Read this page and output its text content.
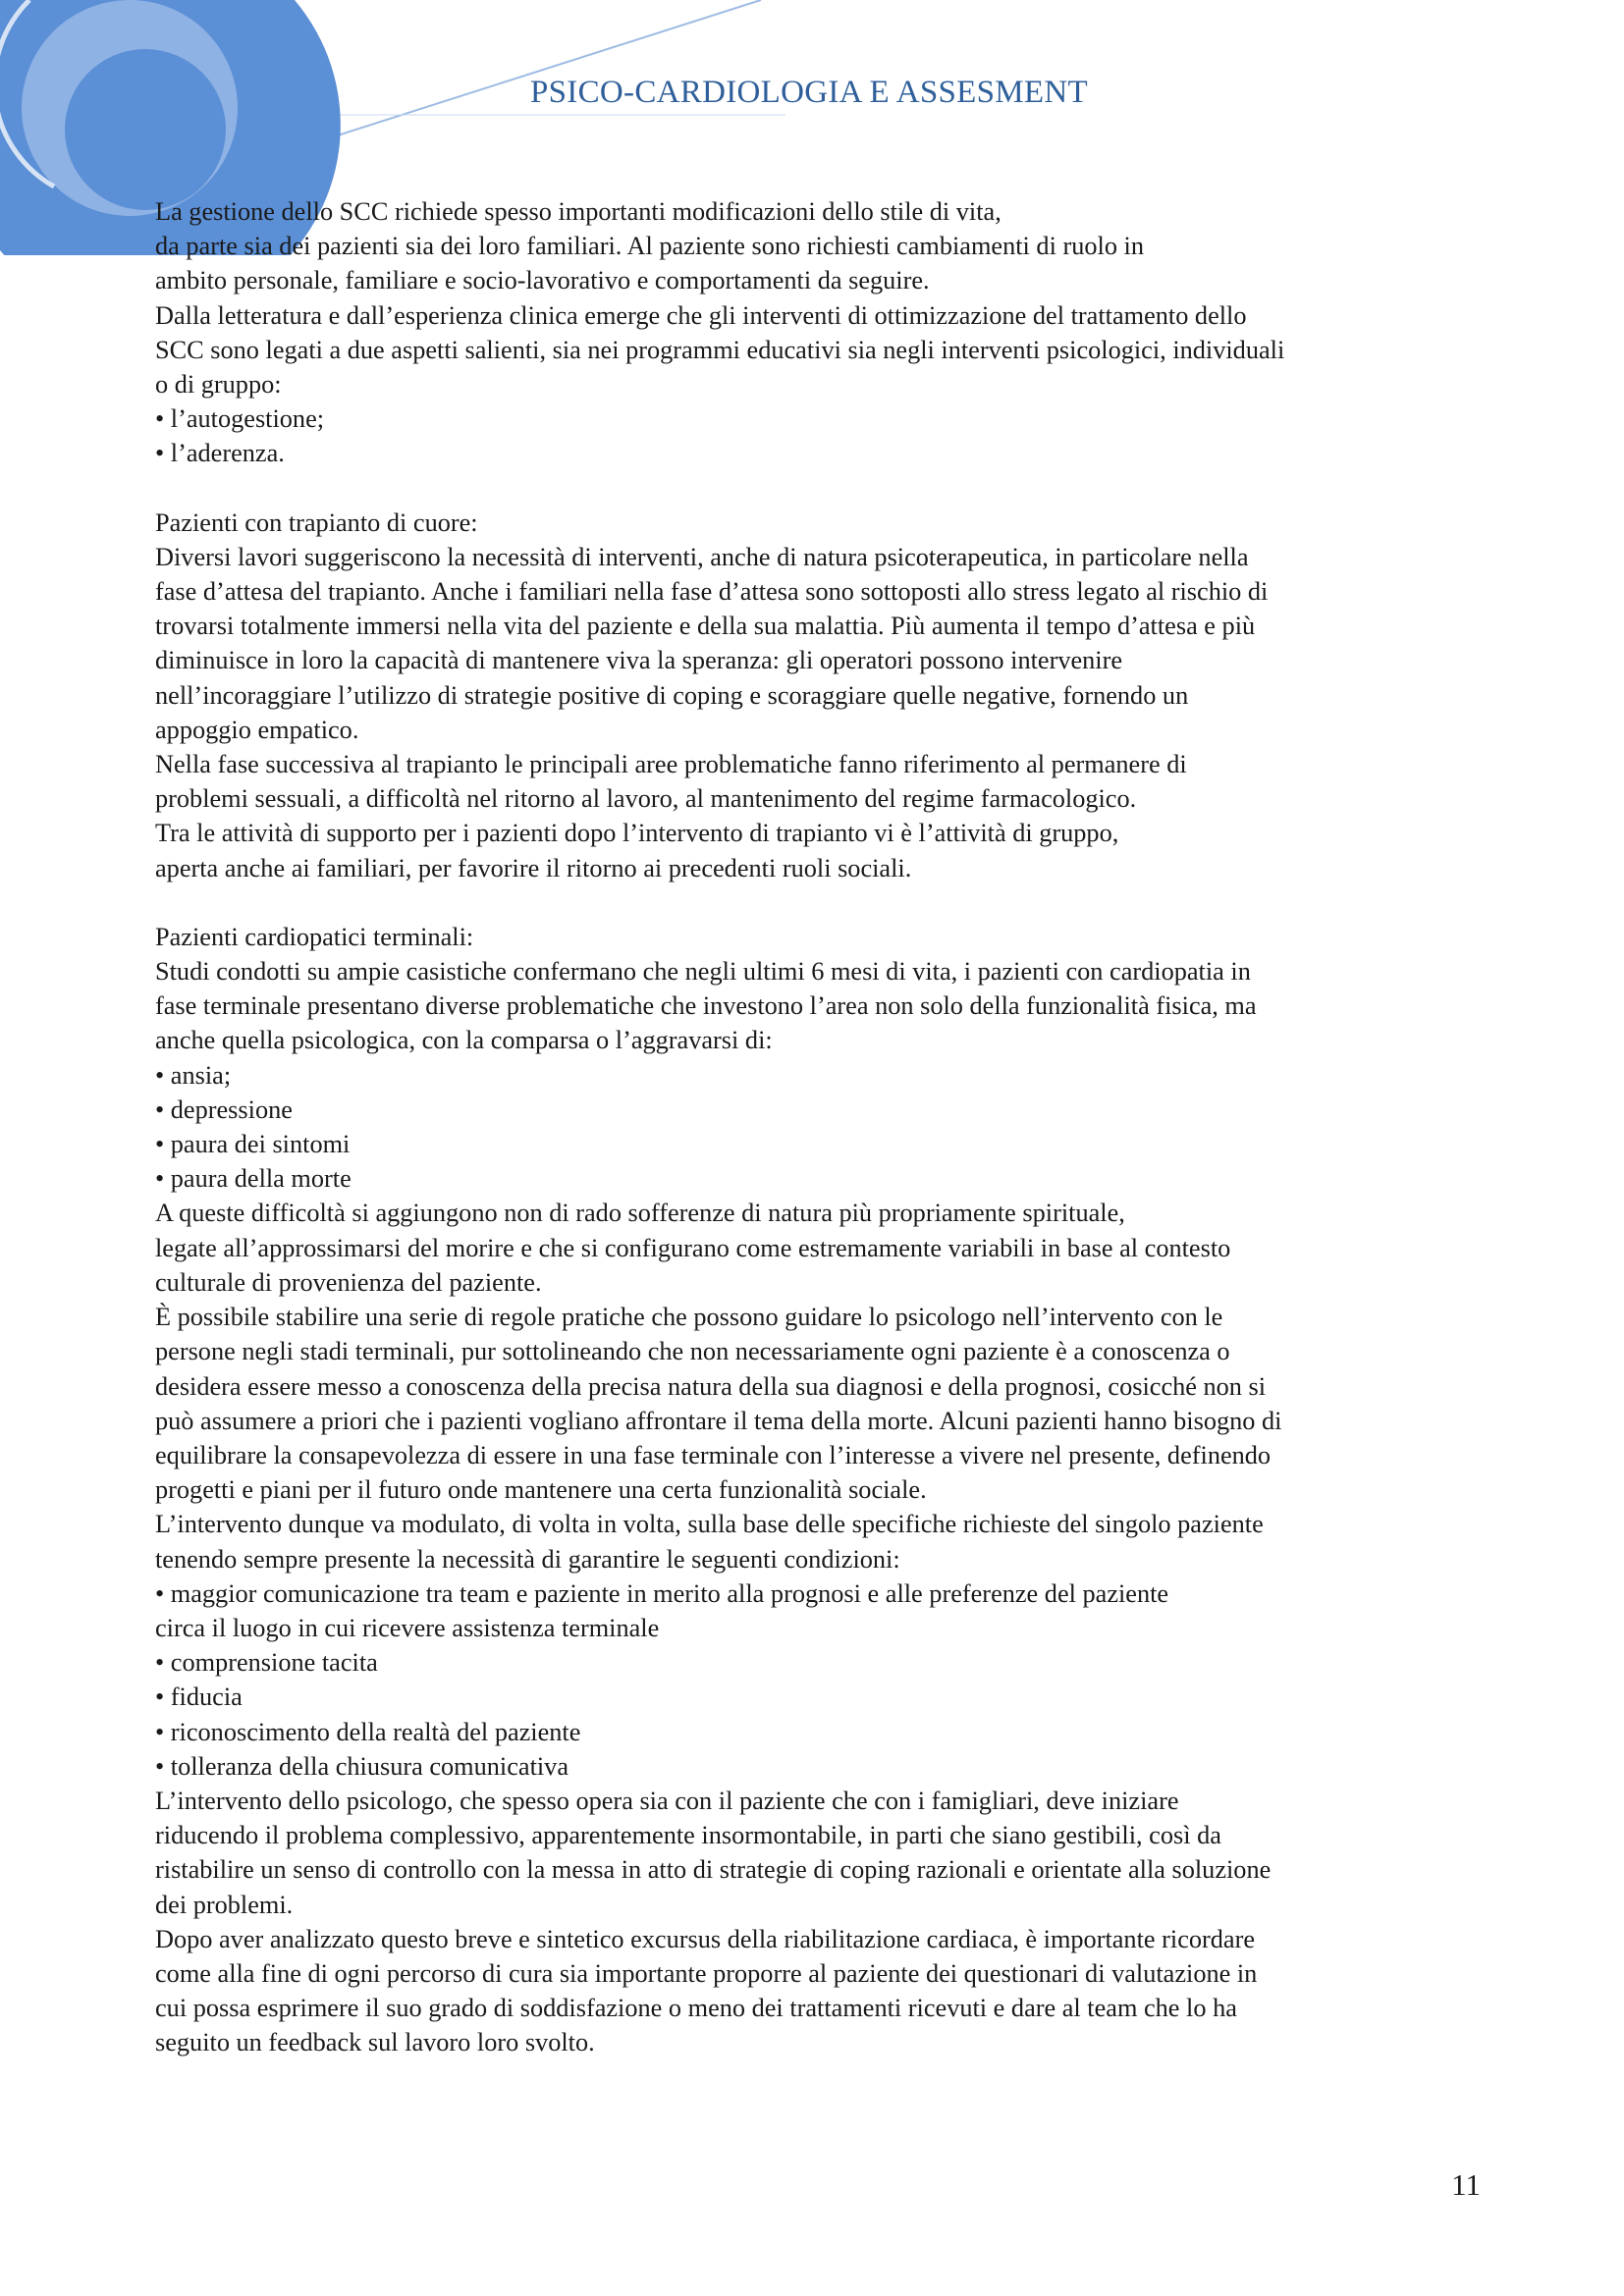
PSICO-CARDIOLOGIA E ASSESMENT

La gestione dello SCC richiede spesso importanti modificazioni dello stile di vita,

da parte sia dei pazienti sia dei loro familiari. Al paziente sono richiesti cambiamenti di ruolo in

ambito personale, familiare e socio-lavorativo e comportamenti da seguire.

Dalla letteratura e dall’esperienza clinica emerge che gli interventi di ottimizzazione del trattamento dello

SCC sono legati a due aspetti salienti, sia nei programmi educativi sia negli interventi psicologici, individuali

o di gruppo:

• l’autogestione;

• l’aderenza.

Pazienti con trapianto di cuore:

Diversi lavori suggeriscono la necessità di interventi, anche di natura psicoterapeutica, in particolare nella

fase d’attesa del trapianto. Anche i familiari nella fase d’attesa sono sottoposti allo stress legato al rischio di

trovarsi totalmente immersi nella vita del paziente e della sua malattia. Più aumenta il tempo d’attesa e più

diminuisce in loro la capacità di mantenere viva la speranza: gli operatori possono intervenire

nell’incoraggiare l’utilizzo di strategie positive di coping e scoraggiare quelle negative, fornendo un

appoggio empatico.

Nella fase successiva al trapianto le principali aree problematiche fanno riferimento al permanere di

problemi sessuali, a difficoltà nel ritorno al lavoro, al mantenimento del regime farmacologico.

Tra le attività di supporto per i pazienti dopo l’intervento di trapianto vi è l’attività di gruppo,

aperta anche ai familiari, per favorire il ritorno ai precedenti ruoli sociali.

Pazienti cardiopatici terminali:

Studi condotti su ampie casistiche confermano che negli ultimi 6 mesi di vita, i pazienti con cardiopatia in

fase terminale presentano diverse problematiche che investono l’area non solo della funzionalità fisica, ma

anche quella psicologica, con la comparsa o l’aggravarsi di:

• ansia;

• depressione

• paura dei sintomi

• paura della morte

A queste difficoltà si aggiungono non di rado sofferenze di natura più propriamente spirituale,

legate all’approssimarsi del morire e che si configurano come estremamente variabili in base al contesto

culturale di provenienza del paziente.

È possibile stabilire una serie di regole pratiche che possono guidare lo psicologo nell’intervento con le

persone negli stadi terminali, pur sottolineando che non necessariamente ogni paziente è a conoscenza o

desidera essere messo a conoscenza della precisa natura della sua diagnosi e della prognosi, cosicché non si

può assumere a priori che i pazienti vogliano affrontare il tema della morte. Alcuni pazienti hanno bisogno di

equilibrare la consapevolezza di essere in una fase terminale con l’interesse a vivere nel presente, definendo

progetti e piani per il futuro onde mantenere una certa funzionalità sociale.

L’intervento dunque va modulato, di volta in volta, sulla base delle specifiche richieste del singolo paziente

tenendo sempre presente la necessità di garantire le seguenti condizioni:

• maggior comunicazione tra team e paziente in merito alla prognosi e alle preferenze del paziente

circa il luogo in cui ricevere assistenza terminale

• comprensione tacita

• fiducia

• riconoscimento della realtà del paziente

• tolleranza della chiusura comunicativa

L’intervento dello psicologo, che spesso opera sia con il paziente che con i famigliari, deve iniziare

riducendo il problema complessivo, apparentemente insormontabile, in parti che siano gestibili, così da

ristabilire un senso di controllo con la messa in atto di strategie di coping razionali e orientate alla soluzione

dei problemi.

Dopo aver analizzato questo breve e sintetico excursus della riabilitazione cardiaca, è importante ricordare

come alla fine di ogni percorso di cura sia importante proporre al paziente dei questionari di valutazione in

cui possa esprimere il suo grado di soddisfazione o meno dei trattamenti ricevuti e dare al team che lo ha

seguito un feedback sul lavoro loro svolto.

11
